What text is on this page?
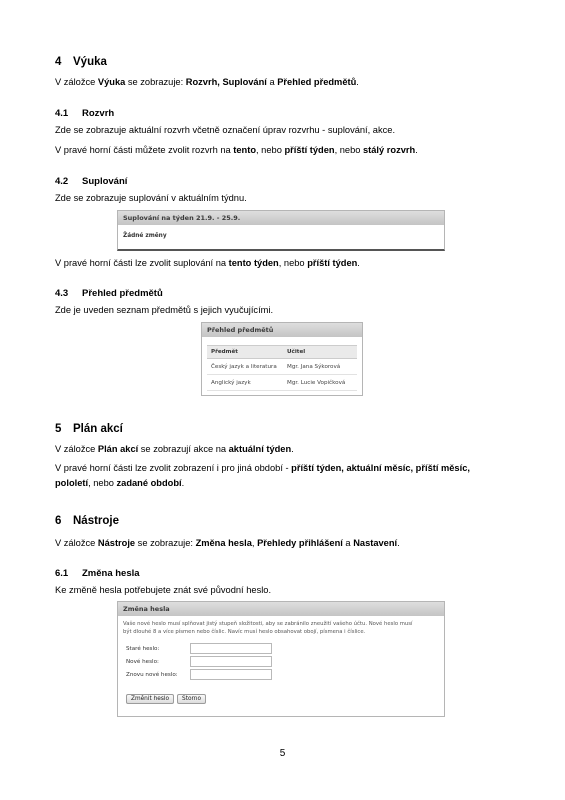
4 Výuka
V záložce Výuka se zobrazuje: Rozvrh, Suplování a Přehled předmětů.
4.1 Rozvrh
Zde se zobrazuje aktuální rozvrh včetně označení úprav rozvrhu - suplování, akce.
V pravé horní části můžete zvolit rozvrh na tento, nebo příští týden, nebo stálý rozvrh.
4.2 Suplování
Zde se zobrazuje suplování v aktuálním týdnu.
Suplování na týden 21.9. - 25.9.
Žádné změny
V pravé horní části lze zvolit suplování na tento týden, nebo příští týden.
4.3 Přehled předmětů
Zde je uveden seznam předmětů s jejich vyučujícími.
Přehled předmětů
Předmět	Učitel
Český jazyk a literatura	Mgr. Jana Sýkorová
Anglický jazyk	Mgr. Lucie Vopičková
5 Plán akcí
V záložce Plán akcí se zobrazují akce na aktuální týden.
V pravé horní části lze zvolit zobrazení i pro jiná období - příští týden, aktuální měsíc, příští měsíc,
pololetí, nebo zadané období.
6 Nástroje
V záložce Nástroje se zobrazuje: Změna hesla, Přehledy přihlášení a Nastavení.
6.1 Změna hesla
Ke změně hesla potřebujete znát své původní heslo.
Změna hesla
Vaše nové heslo musí splňovat jistý stupeň složitosti, aby se zabránilo zneužití vašeho účtu. Nové heslo musí
být dlouhé 8 a více písmen nebo číslic. Navíc musí heslo obsahovat obojí, písmena i číslice.
Staré heslo:
Nové heslo:
Znovu nové heslo:
Změnit heslo Storno
5
